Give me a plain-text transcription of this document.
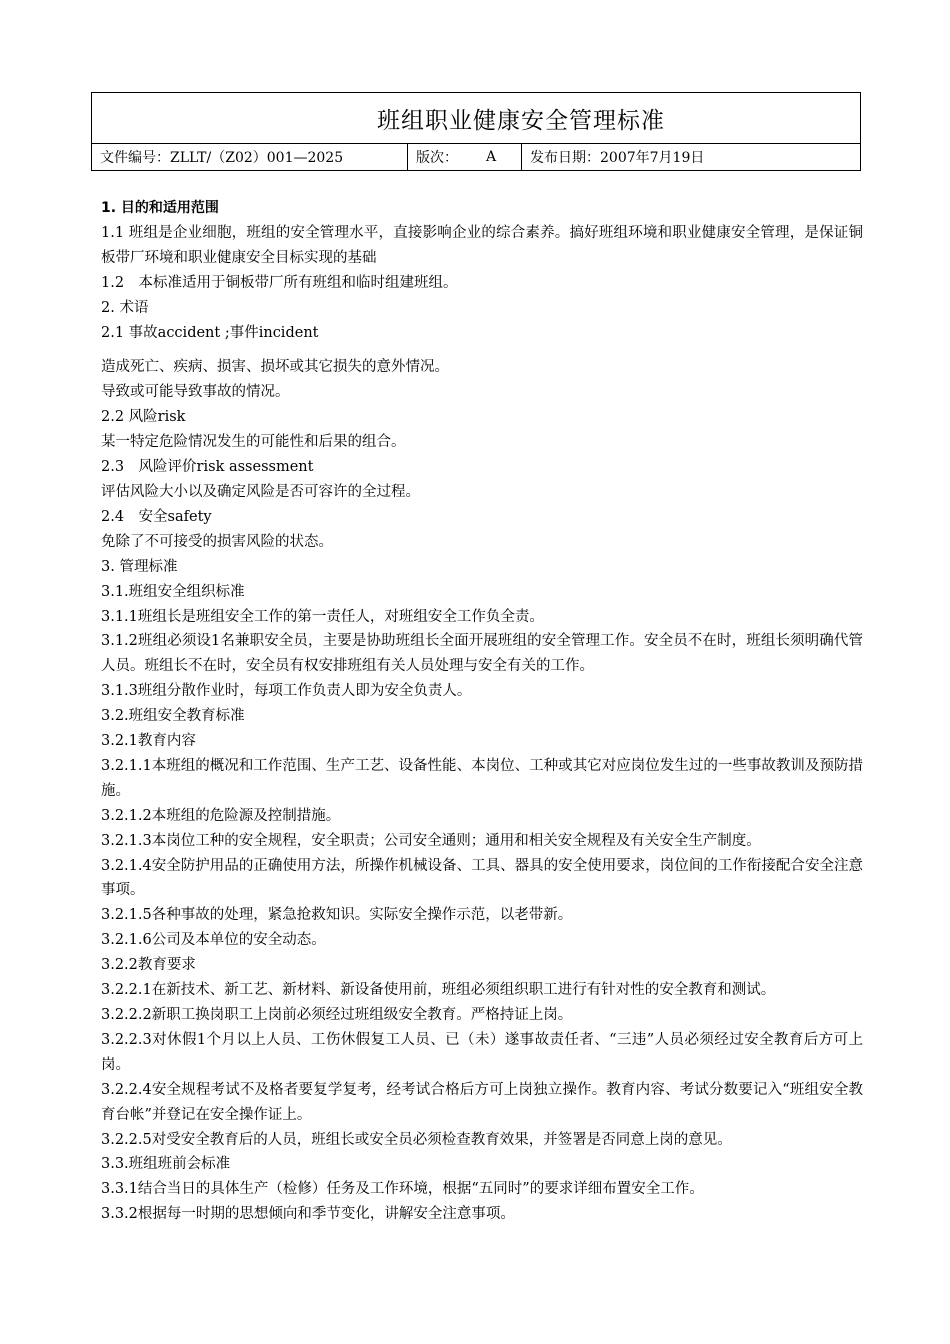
班组职业健康安全管理标准
文件编号： ZLLT/（Z02）001—2025	版次： A 发布日期： 2007年7月19日

1. 目的和适用范围

1.1 班组是企业细胞，班组的安全管理水平，直接影响企业的综合素养。搞好班组环境和职业健康安全管理，是保证铜板带厂环境和职业健康安全目标实现的基础

1.2　本标准适用于铜板带厂所有班组和临时组建班组。

2. 术语

2.1 事故accident ;事件incident

造成死亡、疾病、损害、损坏或其它损失的意外情况。

导致或可能导致事故的情况。

2.2 风险risk

某一特定危险情况发生的可能性和后果的组合。

2.3　风险评价risk assessment

评估风险大小以及确定风险是否可容许的全过程。

2.4　安全safety

免除了不可接受的损害风险的状态。

3. 管理标准

3.1.班组安全组织标准

3.1.1班组长是班组安全工作的第一责任人，对班组安全工作负全责。

3.1.2班组必须设1名兼职安全员，主要是协助班组长全面开展班组的安全管理工作。安全员不在时，班组长须明确代管人员。班组长不在时，安全员有权安排班组有关人员处理与安全有关的工作。

3.1.3班组分散作业时，每项工作负责人即为安全负责人。

3.2.班组安全教育标准

3.2.1教育内容

3.2.1.1本班组的概况和工作范围、生产工艺、设备性能、本岗位、工种或其它对应岗位发生过的一些事故教训及预防措施。

3.2.1.2本班组的危险源及控制措施。

3.2.1.3本岗位工种的安全规程，安全职责；公司安全通则；通用和相关安全规程及有关安全生产制度。

3.2.1.4安全防护用品的正确使用方法，所操作机械设备、工具、器具的安全使用要求，岗位间的工作衔接配合安全注意事项。

3.2.1.5各种事故的处理，紧急抢救知识。实际安全操作示范，以老带新。

3.2.1.6公司及本单位的安全动态。

3.2.2教育要求

3.2.2.1在新技术、新工艺、新材料、新设备使用前，班组必须组织职工进行有针对性的安全教育和测试。

3.2.2.2新职工换岗职工上岗前必须经过班组级安全教育。严格持证上岗。

3.2.2.3对休假1个月以上人员、工伤休假复工人员、已（未）遂事故责任者、“三违”人员必须经过安全教育后方可上岗。

3.2.2.4安全规程考试不及格者要复学复考，经考试合格后方可上岗独立操作。教育内容、考试分数要记入“班组安全教育台帐”并登记在安全操作证上。

3.2.2.5对受安全教育后的人员，班组长或安全员必须检查教育效果，并签署是否同意上岗的意见。

3.3.班组班前会标准

3.3.1结合当日的具体生产（检修）任务及工作环境，根据“五同时”的要求详细布置安全工作。

3.3.2根据每一时期的思想倾向和季节变化，讲解安全注意事项。
